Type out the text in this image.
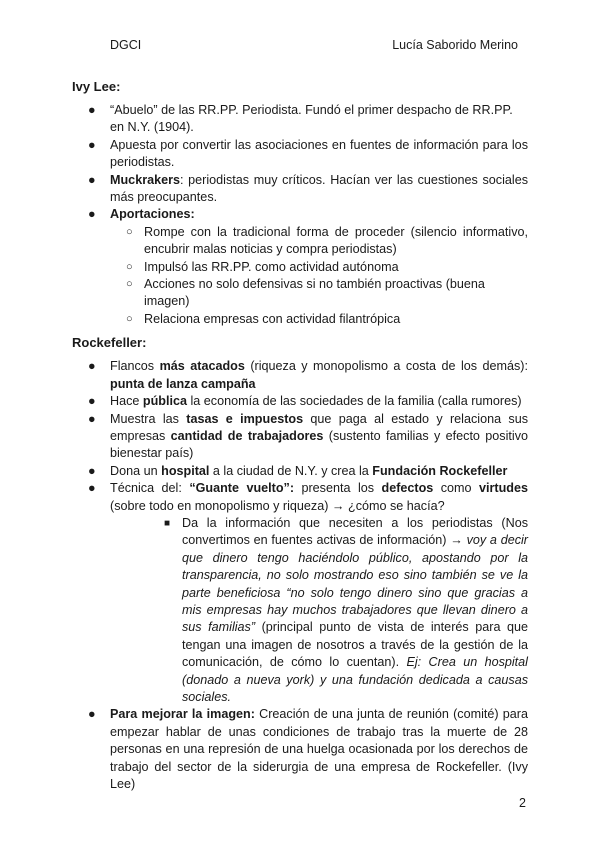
DGCI	Lucía Saborido Merino
Ivy Lee:
● “Abuelo” de las RR.PP. Periodista. Fundó el primer despacho de RR.PP. en N.Y. (1904).
● Apuesta por convertir las asociaciones en fuentes de información para los periodistas.
● Muckrakers: periodistas muy críticos. Hacían ver las cuestiones sociales más preocupantes.
● Aportaciones:
○ Rompe con la tradicional forma de proceder (silencio informativo, encubrir malas noticias y compra periodistas)
○ Impulsó las RR.PP. como actividad autónoma
○ Acciones no solo defensivas si no también proactivas (buena imagen)
○ Relaciona empresas con actividad filantrópica
Rockefeller:
● Flancos más atacados (riqueza y monopolismo a costa de los demás): punta de lanza campaña
● Hace pública la economía de las sociedades de la familia (calla rumores)
● Muestra las tasas e impuestos que paga al estado y relaciona sus empresas cantidad de trabajadores (sustento familias y efecto positivo bienestar país)
● Dona un hospital a la ciudad de N.Y. y crea la Fundación Rockefeller
● Técnica del: “Guante vuelto”: presenta los defectos como virtudes (sobre todo en monopolismo y riqueza) → ¿cómo se hacía?
■ Da la información que necesiten a los periodistas (Nos convertimos en fuentes activas de información) → voy a decir que dinero tengo haciéndolo público, apostando por la transparencia, no solo mostrando eso sino también se ve la parte beneficiosa “no solo tengo dinero sino que gracias a mis empresas hay muchos trabajadores que llevan dinero a sus familias” (principal punto de vista de interés para que tengan una imagen de nosotros a través de la gestión de la comunicación, de cómo lo cuentan). Ej: Crea un hospital (donado a nueva york) y una fundación dedicada a causas sociales.
● Para mejorar la imagen: Creación de una junta de reunión (comité) para empezar hablar de unas condiciones de trabajo tras la muerte de 28 personas en una represión de una huelga ocasionada por los derechos de trabajo del sector de la siderurgia de una empresa de Rockefeller. (Ivy Lee)
2
